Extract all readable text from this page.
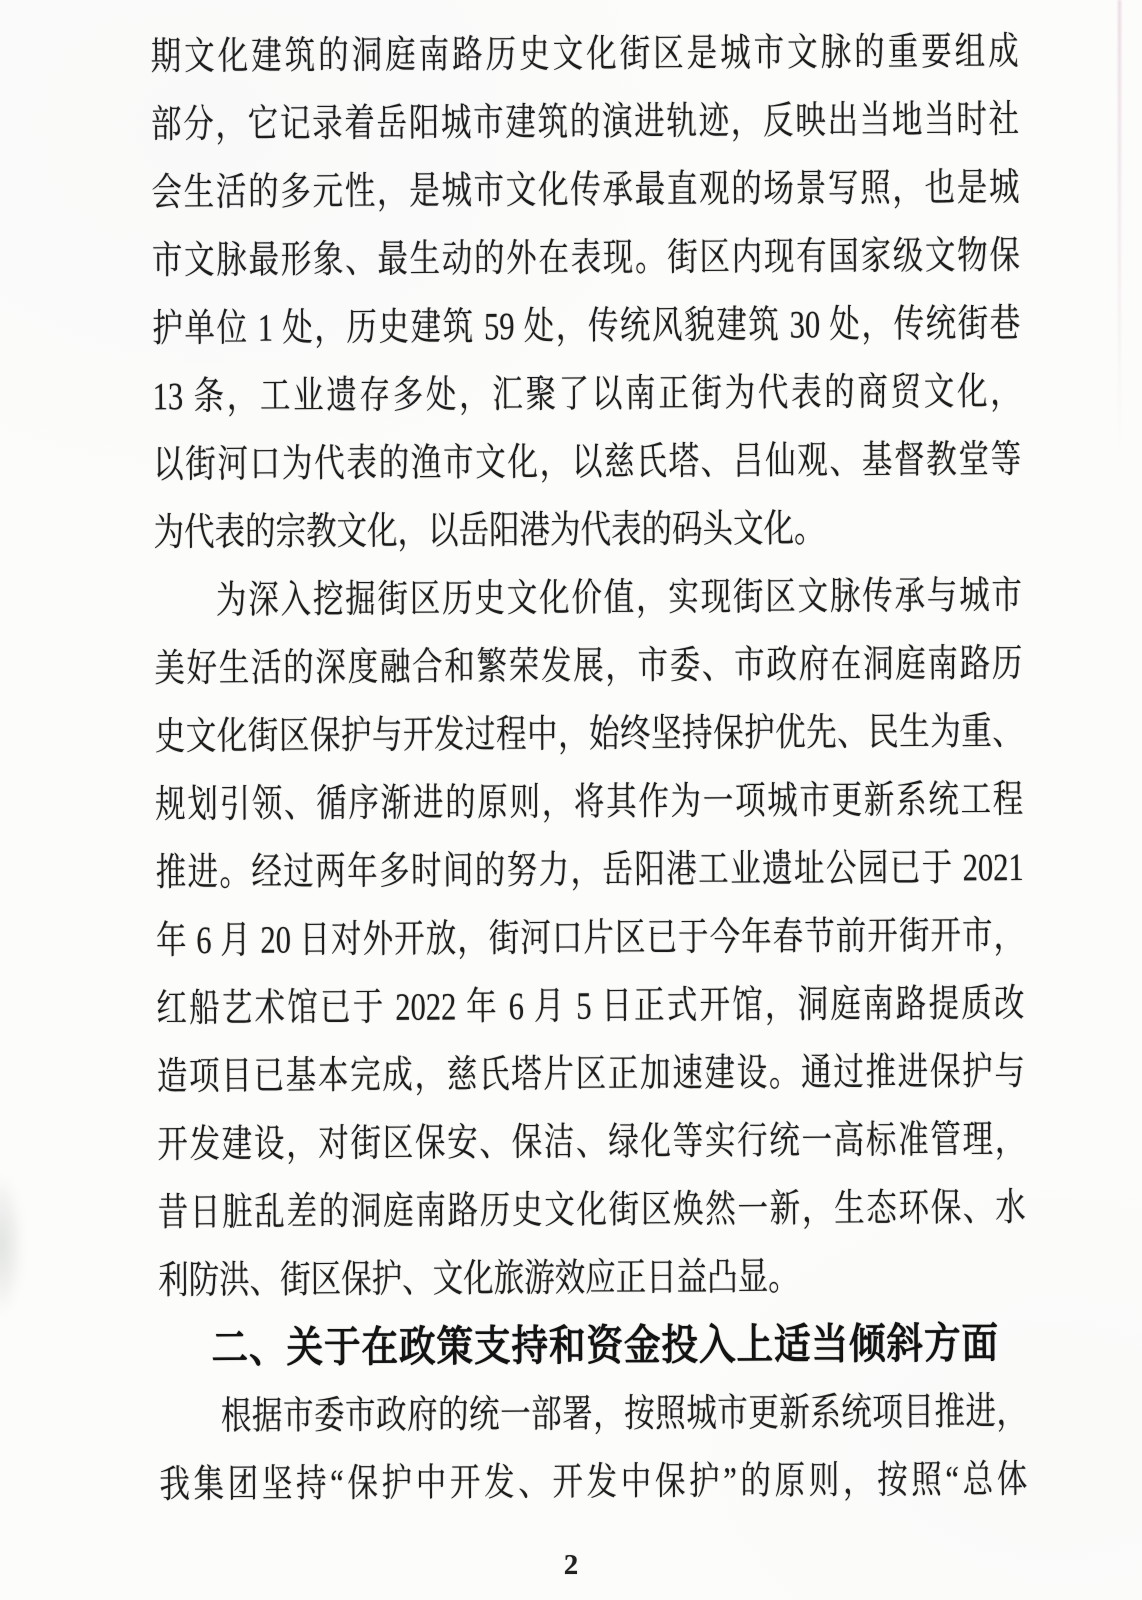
期文化建筑的洞庭南路历史文化街区是城市文脉的重要组成
部分，它记录着岳阳城市建筑的演进轨迹，反映出当地当时社
会生活的多元性，是城市文化传承最直观的场景写照，也是城
市文脉最形象、最生动的外在表现。街区内现有国家级文物保
护单位 1 处，历史建筑 59 处，传统风貌建筑 30 处，传统街巷
13 条，工业遗存多处，汇聚了以南正街为代表的商贸文化，
以街河口为代表的渔市文化，以慈氏塔、吕仙观、基督教堂等
为代表的宗教文化，以岳阳港为代表的码头文化。
为深入挖掘街区历史文化价值，实现街区文脉传承与城市
美好生活的深度融合和繁荣发展，市委、市政府在洞庭南路历
史文化街区保护与开发过程中，始终坚持保护优先、民生为重、
规划引领、循序渐进的原则，将其作为一项城市更新系统工程
推进。经过两年多时间的努力，岳阳港工业遗址公园已于 2021
年 6 月 20 日对外开放，街河口片区已于今年春节前开街开市，
红船艺术馆已于 2022 年 6 月 5 日正式开馆，洞庭南路提质改
造项目已基本完成，慈氏塔片区正加速建设。通过推进保护与
开发建设，对街区保安、保洁、绿化等实行统一高标准管理，
昔日脏乱差的洞庭南路历史文化街区焕然一新，生态环保、水
利防洪、街区保护、文化旅游效应正日益凸显。
二、关于在政策支持和资金投入上适当倾斜方面
根据市委市政府的统一部署，按照城市更新系统项目推进，
我集团坚持“保护中开发、开发中保护”的原则，按照“总体
2
